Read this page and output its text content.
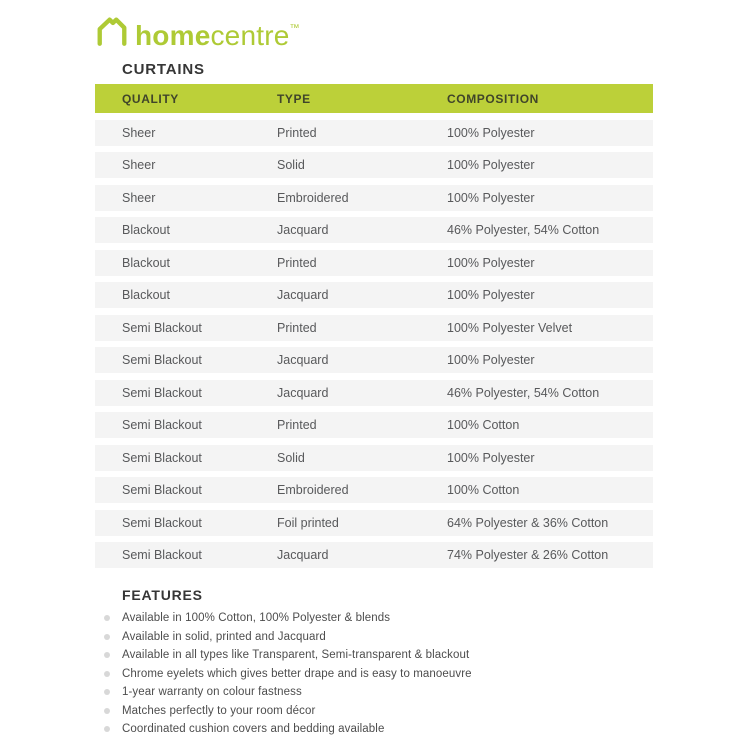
homecentre™
CURTAINS
QUALITY	TYPE	COMPOSITION
Sheer	Printed	100% Polyester
Sheer	Solid	100% Polyester
Sheer	Embroidered	100% Polyester
Blackout	Jacquard	46% Polyester, 54% Cotton
Blackout	Printed	100% Polyester
Blackout	Jacquard	100% Polyester
Semi Blackout	Printed	100% Polyester Velvet
Semi Blackout	Jacquard	100% Polyester
Semi Blackout	Jacquard	46% Polyester, 54% Cotton
Semi Blackout	Printed	100% Cotton
Semi Blackout	Solid	100% Polyester
Semi Blackout	Embroidered	100% Cotton
Semi Blackout	Foil printed	64% Polyester & 36% Cotton
Semi Blackout	Jacquard	74% Polyester & 26% Cotton
FEATURES
Available in 100% Cotton, 100% Polyester & blends
Available in solid, printed and Jacquard
Available in all types like Transparent, Semi-transparent & blackout
Chrome eyelets which gives better drape and is easy to manoeuvre
1-year warranty on colour fastness
Matches perfectly to your room décor
Coordinated cushion covers and bedding available
